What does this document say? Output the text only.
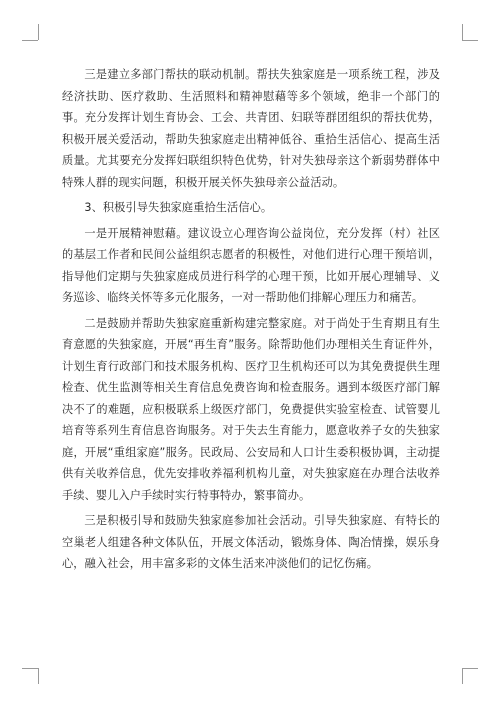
三是建立多部门帮扶的联动机制。帮扶失独家庭是一项系统工程，涉及经济扶助、医疗救助、生活照料和精神慰藉等多个领域，绝非一个部门的事。充分发挥计划生育协会、工会、共青团、妇联等群团组织的帮扶优势，积极开展关爱活动，帮助失独家庭走出精神低谷、重拾生活信心、提高生活质量。尤其要充分发挥妇联组织特色优势，针对失独母亲这个新弱势群体中特殊人群的现实问题，积极开展关怀失独母亲公益活动。

3、积极引导失独家庭重拾生活信心。

一是开展精神慰藉。建议设立心理咨询公益岗位，充分发挥（村）社区的基层工作者和民间公益组织志愿者的积极性，对他们进行心理干预培训，指导他们定期与失独家庭成员进行科学的心理干预，比如开展心理辅导、义务巡诊、临终关怀等多元化服务，一对一帮助他们排解心理压力和痛苦。

二是鼓励并帮助失独家庭重新构建完整家庭。对于尚处于生育期且有生育意愿的失独家庭，开展“再生育”服务。除帮助他们办理相关生育证件外，计划生育行政部门和技术服务机构、医疗卫生机构还可以为其免费提供生理检查、优生监测等相关生育信息免费咨询和检查服务。遇到本级医疗部门解决不了的难题，应积极联系上级医疗部门，免费提供实验室检查、试管婴儿培育等系列生育信息咨询服务。对于失去生育能力，愿意收养子女的失独家庭，开展“重组家庭”服务。民政局、公安局和人口计生委积极协调，主动提供有关收养信息，优先安排收养福利机构儿童，对失独家庭在办理合法收养手续、婴儿入户手续时实行特事特办，繁事简办。

三是积极引导和鼓励失独家庭参加社会活动。引导失独家庭、有特长的空巢老人组建各种文体队伍，开展文体活动，锻炼身体、陶冶情操，娱乐身心，融入社会，用丰富多彩的文体生活来冲淡他们的记忆伤痛。
